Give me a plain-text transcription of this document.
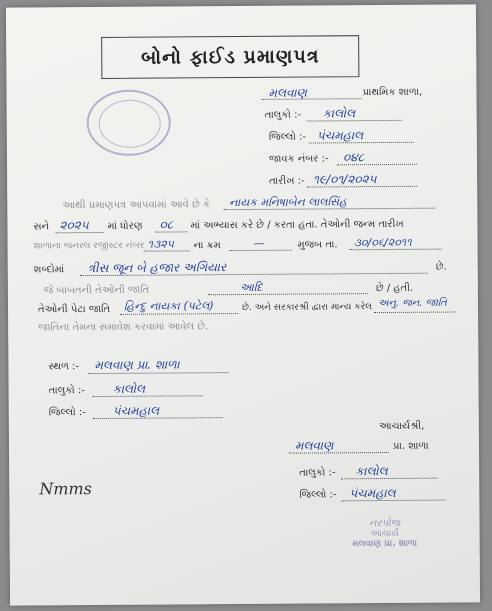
બોનો ફાઈડ પ્રમાણપત્ર
મલવાણ	પ્રાથમિક શાળા,
તાલુકો :- કાલોલ
જિલ્લો :- પંચમહાલ
જાવક નંબર :- ૦૪૮
તારીખ :- ૧૯/૦૧/૨૦૨૫
આથી પ્રમાણપત્ર આપવામાં આવે છે કે નાયક મનિષાબેન લાલસિંહ
સને ૨૦૨૫ માં ધોરણ ૦૮ માં અભ્યાસ કરે છે / કરતા હતા. તેઓની જન્મ તારીખ
શાળાના જનરલ રજીસ્ટર નંબર ૧૩૨૫ ના ક્રમ	—	મુજબ તા. ૩૦/૦૬/૨૦૧૧
શબ્દોમાં ત્રીસ જૂન બે હજાર અગિયાર	છે.
જે બાબતની તેઓની જાતિ	આદિ	છે / હતી.
તેઓની પેટા જાતિ હિન્દુ નાયકા (પટેલ)	છે. અને સરકારશ્રી દ્વારા માન્ય કરેલ અનુ. જન. જાતિ
જાતિના તેમના સમાવેશ કરવામાં આવેલ છે.
સ્થળ :- મલવાણ પ્રા. શાળા
તાલુકો :- કાલોલ
જિલ્લો :- પંચમહાલ
Nmms
આચાર્યશ્રી,
મલવાણ	પ્રા. શાળા
તાલુકો :- કાલોલ
જિલ્લો :- પંચમહાલ
નરપોજ
આચાર્ય
મલવાણ પ્રા. શાળા
